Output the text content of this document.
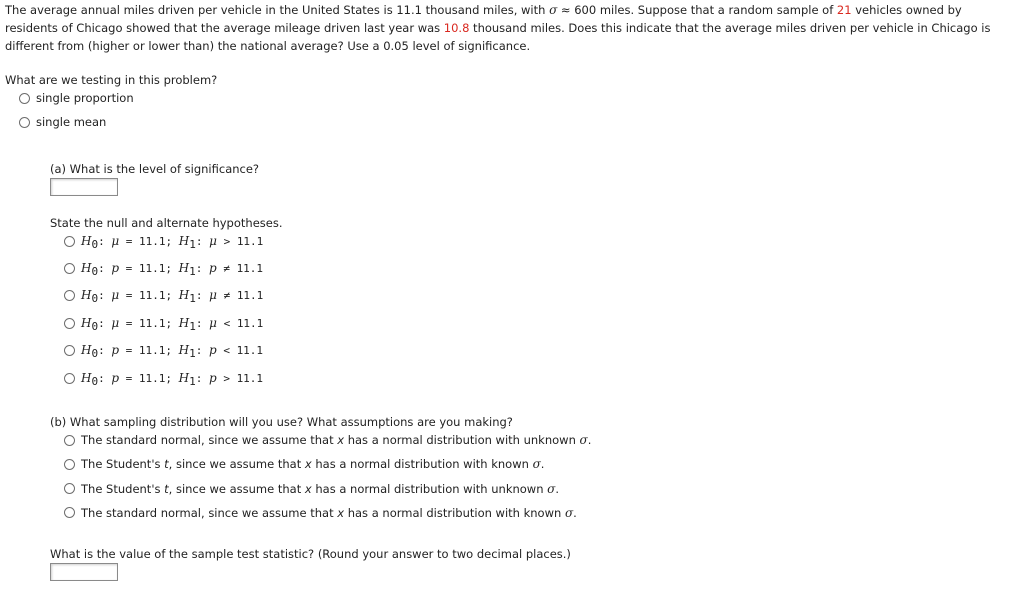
The average annual miles driven per vehicle in the United States is 11.1 thousand miles, with σ ≈ 600 miles. Suppose that a random sample of 21 vehicles owned by residents of Chicago showed that the average mileage driven last year was 10.8 thousand miles. Does this indicate that the average miles driven per vehicle in Chicago is different from (higher or lower than) the national average? Use a 0.05 level of significance.
What are we testing in this problem?
single proportion
single mean
(a) What is the level of significance?
State the null and alternate hypotheses.
$H_0$: μ = 11.1; $H_1$: μ > 11.1
$H_0$: p = 11.1; $H_1$: p ≠ 11.1
$H_0$: μ = 11.1; $H_1$: μ ≠ 11.1
$H_0$: μ = 11.1; $H_1$: μ < 11.1
$H_0$: p = 11.1; $H_1$: p < 11.1
$H_0$: p = 11.1; $H_1$: p > 11.1
(b) What sampling distribution will you use? What assumptions are you making?
The standard normal, since we assume that x has a normal distribution with unknown σ.
The Student's t, since we assume that x has a normal distribution with known σ.
The Student's t, since we assume that x has a normal distribution with unknown σ.
The standard normal, since we assume that x has a normal distribution with known σ.
What is the value of the sample test statistic? (Round your answer to two decimal places.)
